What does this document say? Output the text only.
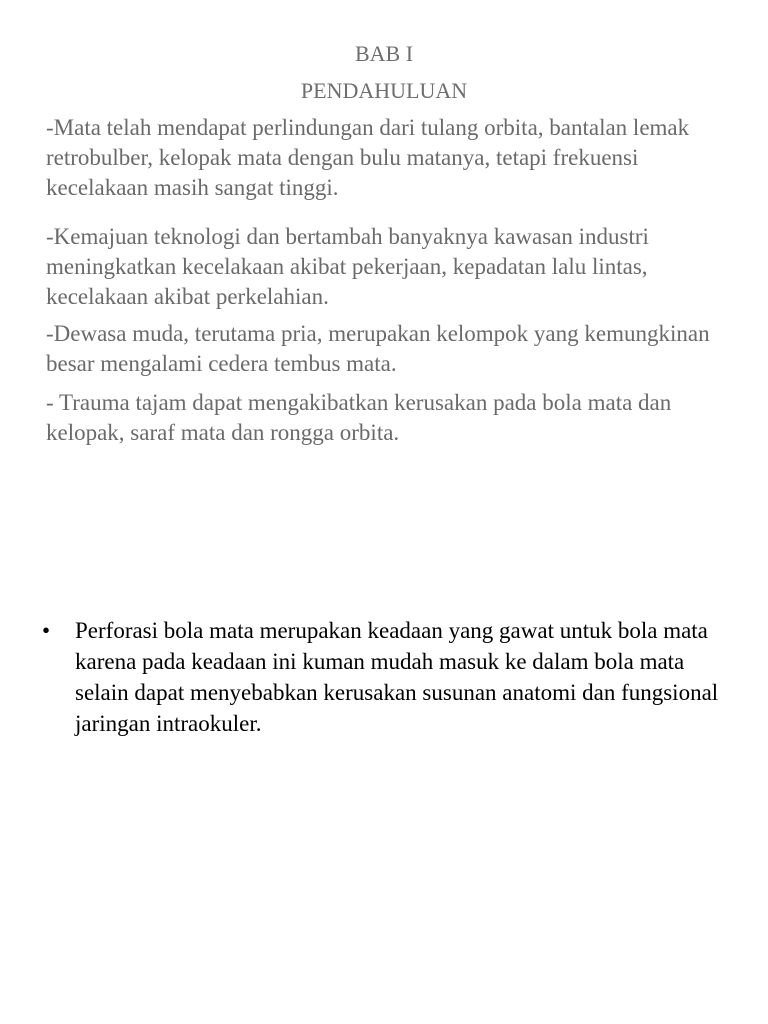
BAB I
PENDAHULUAN

-Mata telah mendapat perlindungan dari tulang orbita, bantalan lemak retrobulber, kelopak mata dengan bulu matanya, tetapi frekuensi kecelakaan masih sangat tinggi.

-Kemajuan teknologi dan bertambah banyaknya kawasan industri meningkatkan kecelakaan akibat pekerjaan, kepadatan lalu lintas, kecelakaan akibat perkelahian.

-Dewasa muda, terutama pria, merupakan kelompok yang kemungkinan besar mengalami cedera tembus mata.

- Trauma tajam dapat mengakibatkan kerusakan pada bola mata dan kelopak, saraf mata dan rongga orbita.

•	Perforasi bola mata merupakan keadaan yang gawat untuk bola mata karena pada keadaan ini kuman mudah masuk ke dalam bola mata selain dapat menyebabkan kerusakan susunan anatomi dan fungsional jaringan intraokuler.
